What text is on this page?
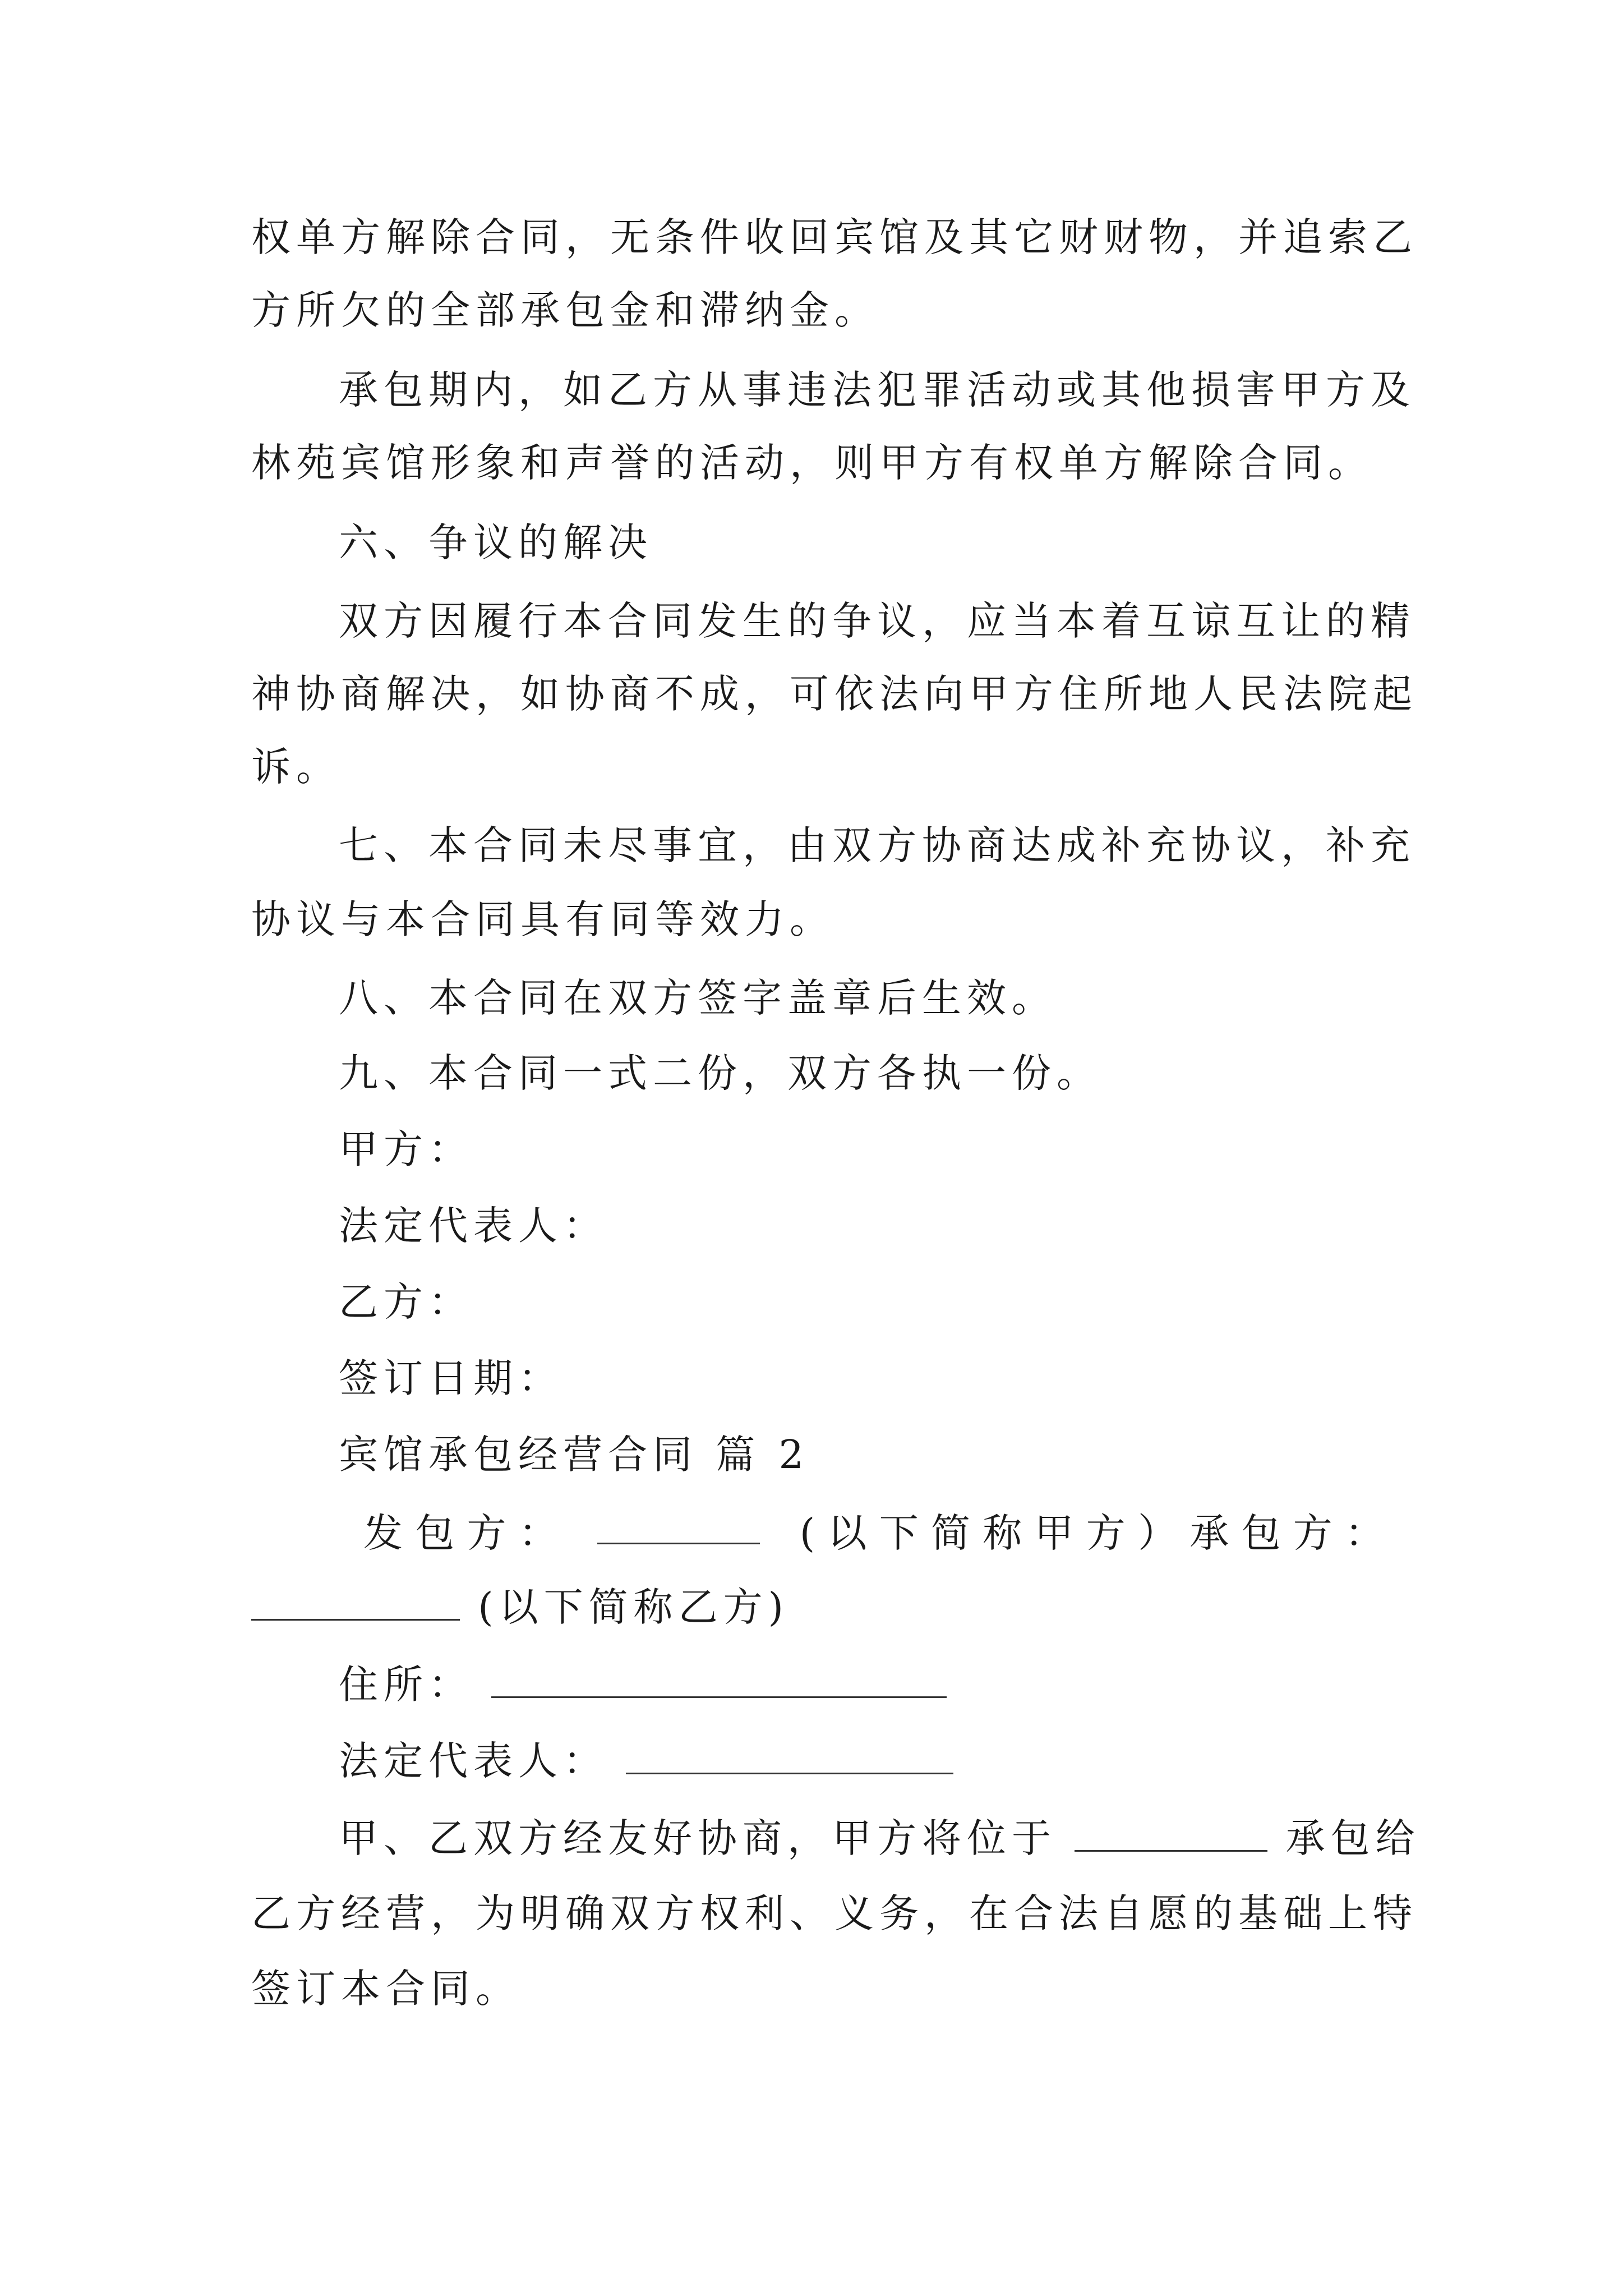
权单方解除合同，无条件收回宾馆及其它财财物，并追索乙
方所欠的全部承包金和滞纳金。
承包期内，如乙方从事违法犯罪活动或其他损害甲方及
林苑宾馆形象和声誉的活动，则甲方有权单方解除合同。
六、争议的解决
双方因履行本合同发生的争议，应当本着互谅互让的精
神协商解决，如协商不成，可依法向甲方住所地人民法院起
诉。
七、本合同未尽事宜，由双方协商达成补充协议，补充
协议与本合同具有同等效力。
八、本合同在双方签字盖章后生效。
九、本合同一式二份，双方各执一份。
甲方：
法定代表人：
乙方：
签订日期：
宾馆承包经营合同 篇 2
发 包 方 ：	( 以 下 简 称 甲 方 ） 承 包 方 ：
(以下简称乙方)
住所：
法定代表人：
甲、乙双方经友好协商，甲方将位于	承包给
乙方经营，为明确双方权利、义务，在合法自愿的基础上特
签订本合同。
